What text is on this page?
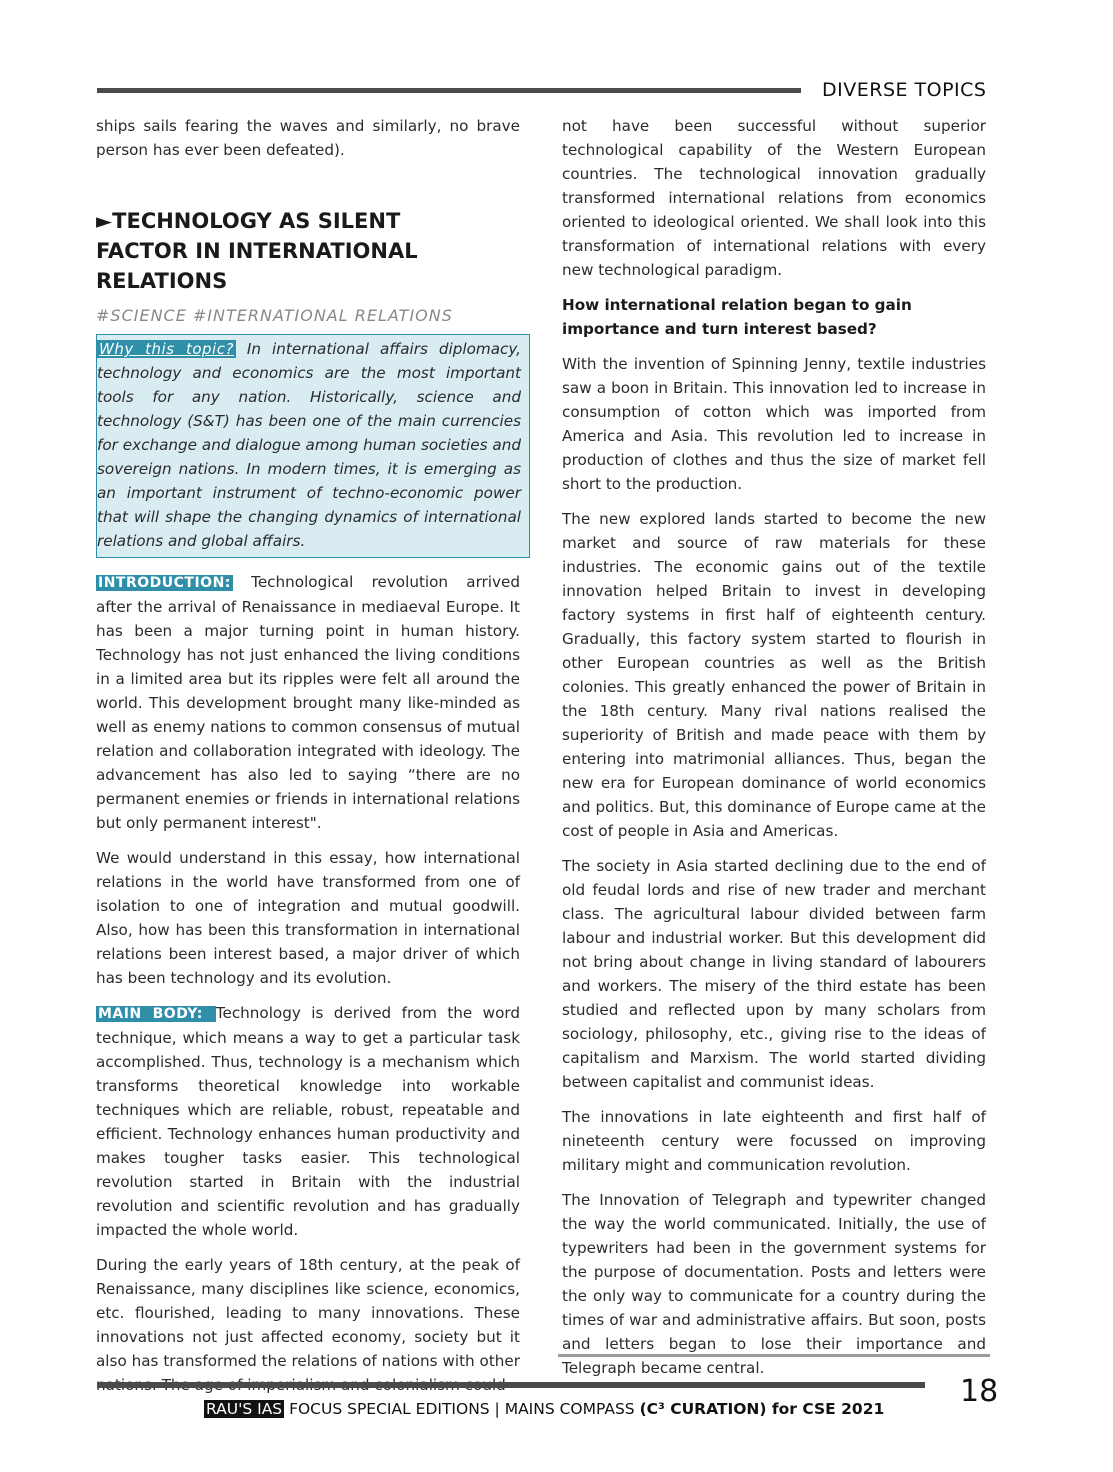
DIVERSE TOPICS

ships sails fearing the waves and similarly, no brave person has ever been defeated).

►TECHNOLOGY AS SILENT
FACTOR IN INTERNATIONAL
RELATIONS
#SCIENCE #INTERNATIONAL RELATIONS

Why this topic? In international affairs diplomacy, technology and economics are the most important tools for any nation. Historically, science and technology (S&T) has been one of the main currencies for exchange and dialogue among human societies and sovereign nations. In modern times, it is emerging as an important instrument of techno-economic power that will shape the changing dynamics of international relations and global affairs.

INTRODUCTION: Technological revolution arrived after the arrival of Renaissance in mediaeval Europe. It has been a major turning point in human history. Technology has not just enhanced the living conditions in a limited area but its ripples were felt all around the world. This development brought many like-minded as well as enemy nations to common consensus of mutual relation and collaboration integrated with ideology. The advancement has also led to saying “there are no permanent enemies or friends in international relations but only permanent interest".

We would understand in this essay, how international relations in the world have transformed from one of isolation to one of integration and mutual goodwill. Also, how has been this transformation in international relations been interest based, a major driver of which has been technology and its evolution.

MAIN BODY: Technology is derived from the word technique, which means a way to get a particular task accomplished. Thus, technology is a mechanism which transforms theoretical knowledge into workable techniques which are reliable, robust, repeatable and efficient. Technology enhances human productivity and makes tougher tasks easier. This technological revolution started in Britain with the industrial revolution and scientific revolution and has gradually impacted the whole world.

During the early years of 18th century, at the peak of Renaissance, many disciplines like science, economics, etc. flourished, leading to many innovations. These innovations not just affected economy, society but it also has transformed the relations of nations with other

not have been successful without superior technological capability of the Western European countries. The technological innovation gradually transformed international relations from economics oriented to ideological oriented. We shall look into this transformation of international relations with every new technological paradigm.

How international relation began to gain importance and turn interest based?

With the invention of Spinning Jenny, textile industries saw a boon in Britain. This innovation led to increase in consumption of cotton which was imported from America and Asia. This revolution led to increase in production of clothes and thus the size of market fell short to the production.

The new explored lands started to become the new market and source of raw materials for these industries. The economic gains out of the textile innovation helped Britain to invest in developing factory systems in first half of eighteenth century. Gradually, this factory system started to flourish in other European countries as well as the British colonies. This greatly enhanced the power of Britain in the 18th century. Many rival nations realised the superiority of British and made peace with them by entering into matrimonial alliances. Thus, began the new era for European dominance of world economics and politics. But, this dominance of Europe came at the cost of people in Asia and Americas.

The society in Asia started declining due to the end of old feudal lords and rise of new trader and merchant class. The agricultural labour divided between farm labour and industrial worker. But this development did not bring about change in living standard of labourers and workers. The misery of the third estate has been studied and reflected upon by many scholars from sociology, philosophy, etc., giving rise to the ideas of capitalism and Marxism. The world started dividing between capitalist and communist ideas.

The innovations in late eighteenth and first half of nineteenth century were focussed on improving military might and communication revolution.

The Innovation of Telegraph and typewriter changed the way the world communicated. Initially, the use of typewriters had been in the government systems for the purpose of documentation. Posts and letters were the only way to communicate for a country during the times of war and administrative affairs. But soon, posts and letters began to lose their importance and Telegraph became central.

18
RAU'S IAS FOCUS SPECIAL EDITIONS | MAINS COMPASS (C³ CURATION) for CSE 2021
